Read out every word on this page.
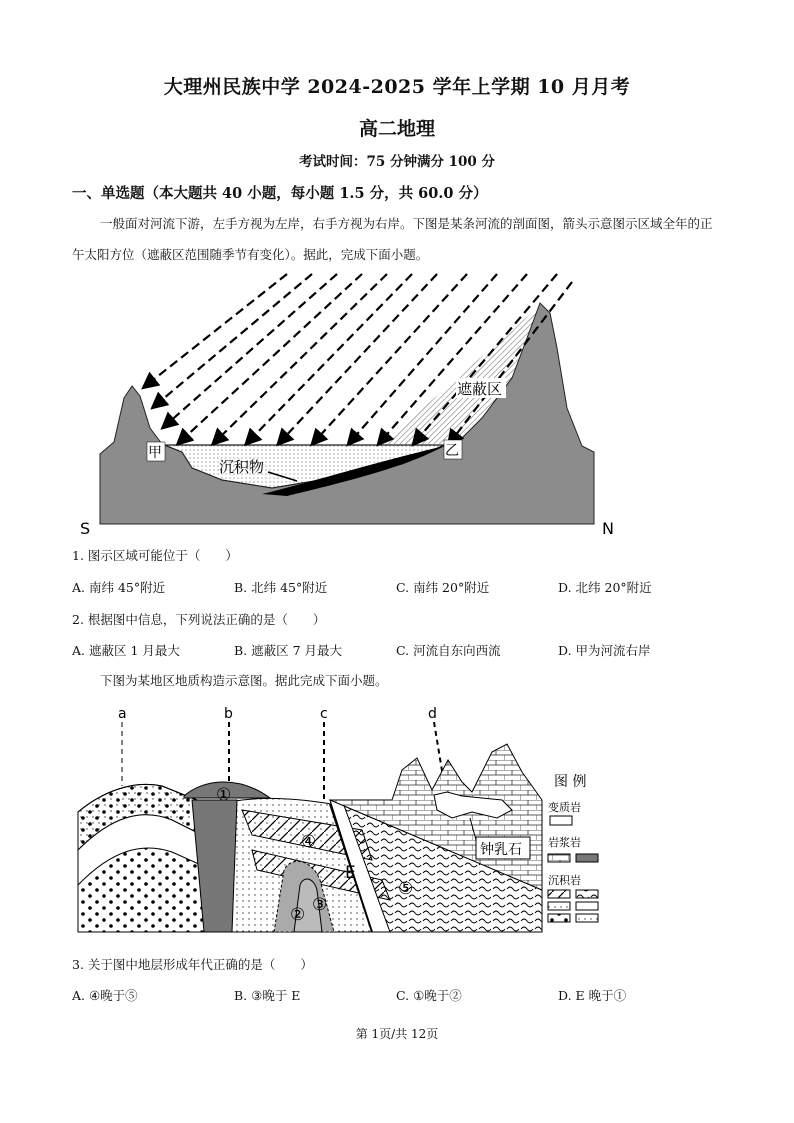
大理州民族中学 2024-2025 学年上学期 10 月月考
高二地理
考试时间：75 分钟满分 100 分
一、单选题（本大题共 40 小题，每小题 1.5 分，共 60.0 分）
一般面对河流下游，左手方视为左岸，右手方视为右岸。下图是某条河流的剖面图，箭头示意图示区域全年的正午太阳方位（遮蔽区范围随季节有变化）。据此，完成下面小题。
遮蔽区
沉积物
甲	乙
S	N
1. 图示区域可能位于（　　）
A. 南纬 45°附近	B. 北纬 45°附近	C. 南纬 20°附近	D. 北纬 20°附近
2. 根据图中信息，下列说法正确的是（　　）
A. 遮蔽区 1 月最大	B. 遮蔽区 7 月最大	C. 河流自东向西流	D. 甲为河流右岸
下图为某地区地质构造示意图。据此完成下面小题。
a	b	c	d
E
①
② ③
④
⑤
钟乳石
图 例
变质岩
岩浆岩
沉积岩
3. 关于图中地层形成年代正确的是（　　）
A. ④晚于⑤	B. ③晚于 E	C. ①晚于②	D. E 晚于①
第 1页/共 12页
